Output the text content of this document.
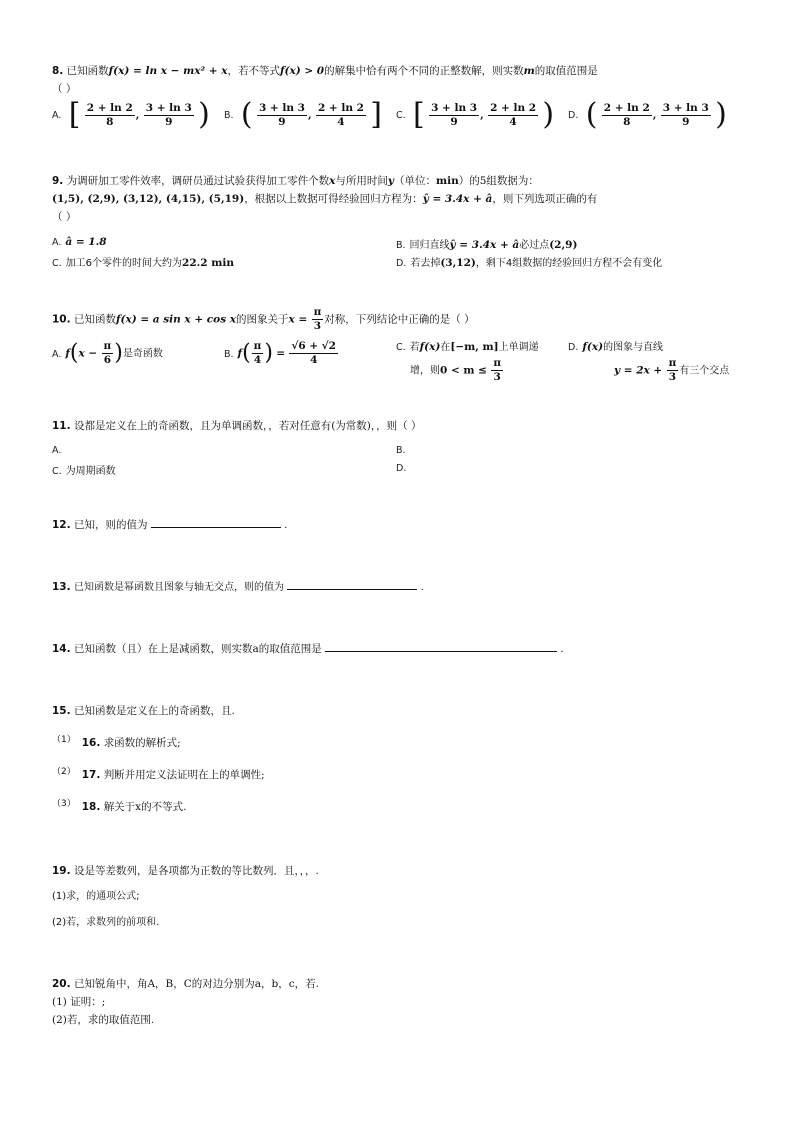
8. 已知函数f(x) = ln x − mx² + x，若不等式f(x) > 0的解集中恰有两个不同的正整数解，则实数m的取值范围是
（ ）
A. [ $\frac{2 + \ln 2}{8}$ , $\frac{3 + \ln 3}{9}$ ) B. ( $\frac{3 + \ln 3}{9}$ , $\frac{2 + \ln 2}{4}$ ] C. [ $\frac{3 + \ln 3}{9}$ , $\frac{2 + \ln 2}{4}$ ) D. ( $\frac{2 + \ln 2}{8}$ , $\frac{3 + \ln 3}{9}$ )
9. 为调研加工零件效率，调研员通过试验获得加工零件个数x与所用时间y（单位：min）的5组数据为：
(1,5), (2,9), (3,12), (4,15), (5,19)，根据以上数据可得经验回归方程为：ŷ = 3.4x + â，则下列选项正确的有
（ ）
A. â = 1.8	B. 回归直线ŷ = 3.4x + â必过点(2,9)
C. 加工6个零件的时间大约为22.2 min	D. 若去掉(3,12)，剩下4组数据的经验回归方程不会有变化
10. 已知函数f(x) = a sin x + cos x的图象关于$x = \frac{\pi}{3}$ 对称，下列结论中正确的是（ ）
A. $f(x - \frac{\pi}{6}$ )是奇函数	B. $f( \frac{\pi}{4}$ ) = $\frac{√6 + √2}{4}$	C. 若f(x)在[−m, m]上单调递
增，则$0 < m \le \frac{\pi}{3}$
D. f(x)的图象与直线
$y = 2x + \frac{\pi}{3}$ 有三个交点
11. 设都是定义在上的奇函数，且为单调函数，，若对任意有(为常数)，，则（ ）
A.	B.
C. 为周期函数	D.
12. 已知，则的值为	.
13. 已知函数是幂函数且图象与轴无交点，则的值为	.
14. 已知函数（且）在上是减函数，则实数a的取值范围是	.
15. 已知函数是定义在上的奇函数，且.
（1） 16. 求函数的解析式;
（2） 17. 判断并用定义法证明在上的单调性;
（3） 18. 解关于x的不等式.
19. 设是等差数列，是各项都为正数的等比数列．且，，，.
(1)求，的通项公式;
(2)若，求数列的前项和.
20. 已知锐角中，角A，B，C的对边分别为a，b，c，若.
(1) 证明：;
(2)若，求的取值范围.
